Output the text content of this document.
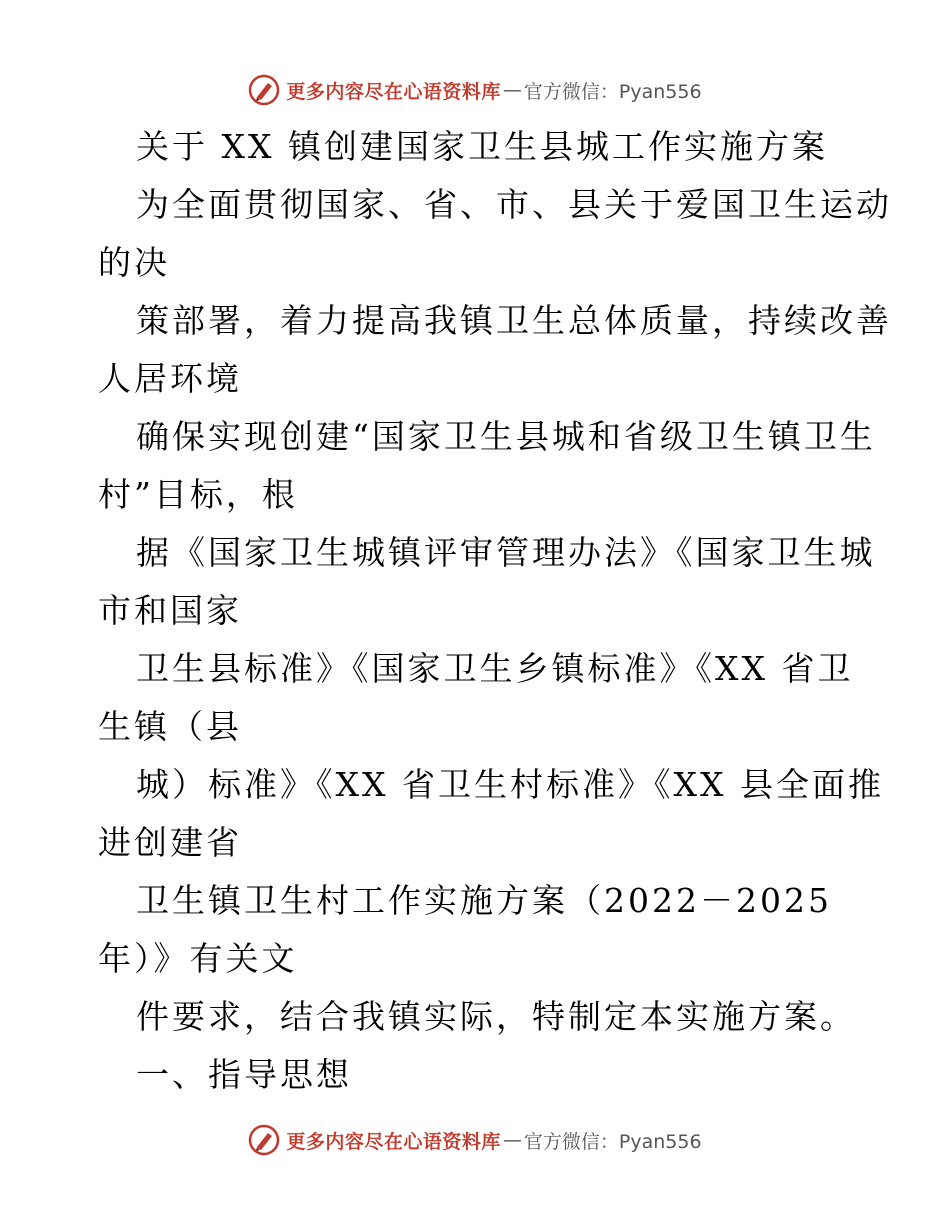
更多内容尽在心语资料库 — 官方微信：Pyan556
关于 XX 镇创建国家卫生县城工作实施方案
为全面贯彻国家、省、市、县关于爱国卫生运动
的决
策部署，着力提高我镇卫生总体质量，持续改善
人居环境
确保实现创建“国家卫生县城和省级卫生镇卫生
村”目标，根
据《国家卫生城镇评审管理办法》《国家卫生城
市和国家
卫生县标准》《国家卫生乡镇标准》《XX 省卫
生镇（县
城）标准》《XX 省卫生村标准》《XX 县全面推
进创建省
卫生镇卫生村工作实施方案（2022－2025
年）》有关文
件要求，结合我镇实际，特制定本实施方案。
一、指导思想
更多内容尽在心语资料库 — 官方微信：Pyan556
